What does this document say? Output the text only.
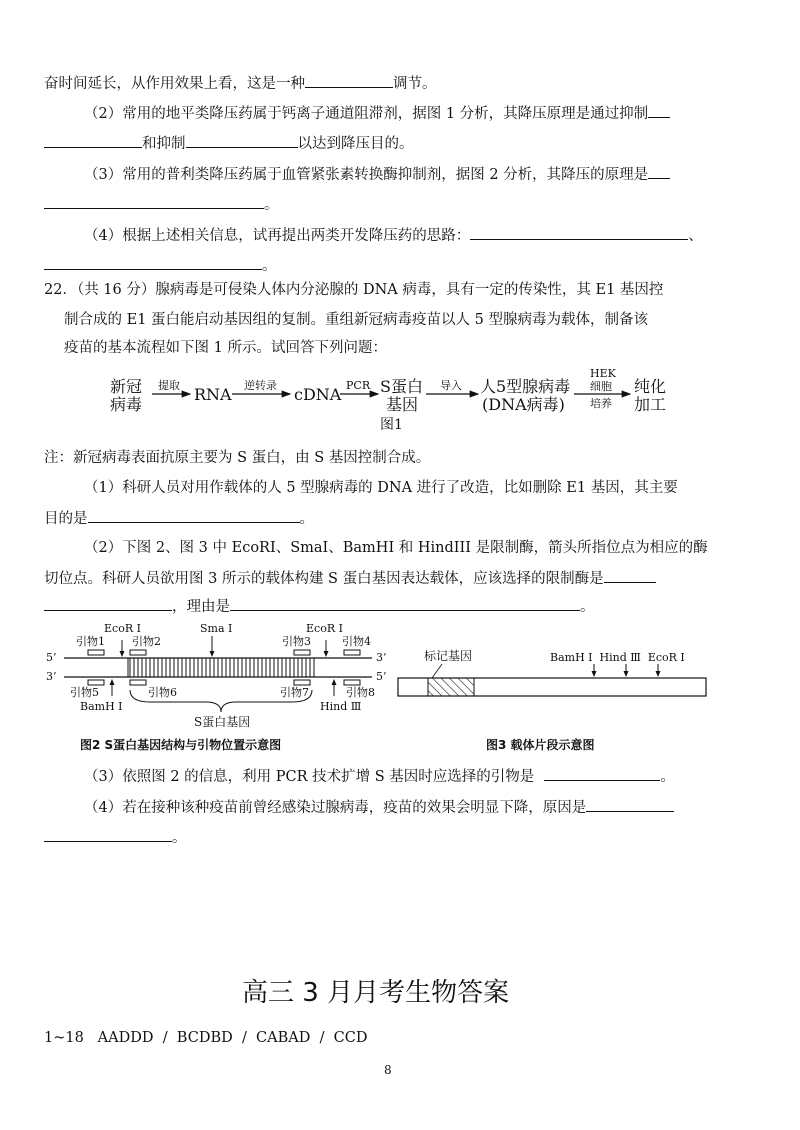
奋时间延长，从作用效果上看，这是一种	调节。
（2）常用的地平类降压药属于钙离子通道阻滞剂，据图 1 分析，其降压原理是通过抑制
和抑制	以达到降压目的。
（3）常用的普利类降压药属于血管紧张素转换酶抑制剂，据图 2 分析，其降压的原理是
。
（4）根据上述相关信息，试再提出两类开发降压药的思路：	、
。
22．（共 16 分）腺病毒是可侵染人体内分泌腺的 DNA 病毒，具有一定的传染性，其 E1 基因控
制合成的 E1 蛋白能启动基因组的复制。重组新冠病毒疫苗以人 5 型腺病毒为载体，制备该
疫苗的基本流程如下图 1 所示。试回答下列问题：
新冠
病毒
提取 RNA 逆转录 cDNA PCR S蛋白
基因
导入 人5型腺病毒
(DNA病毒)
HEK
细胞
培养
纯化
加工
图1
注：新冠病毒表面抗原主要为 S 蛋白，由 S 基因控制合成。
（1）科研人员对用作载体的人 5 型腺病毒的 DNA 进行了改造，比如删除 E1 基因，其主要
目的是	。
（2）下图 2、图 3 中 EcoRI、SmaI、BamHI 和 HindIII 是限制酶，箭头所指位点为相应的酶
切位点。科研人员欲用图 3 所示的载体构建 S 蛋白基因表达载体，应该选择的限制酶是
，理由是	。
EcoR Ⅰ	Sma Ⅰ	EcoR Ⅰ
引物1 引物2	引物3	引物4
5’	3’
3’	5’
引物5	引物6	引物7	引物8
BamH Ⅰ	Hind Ⅲ
S蛋白基因
图2 S蛋白基因结构与引物位置示意图
标记基因	BamH Ⅰ  Hind Ⅲ  EcoR Ⅰ
图3 载体片段示意图
（3）依照图 2 的信息，利用 PCR 技术扩增 S 基因时应选择的引物是	。
（4）若在接种该种疫苗前曾经感染过腺病毒，疫苗的效果会明显下降，原因是
。
高三 3 月月考生物答案
1~18   AADDD  /  BCDBD  /  CABAD  /  CCD
8
